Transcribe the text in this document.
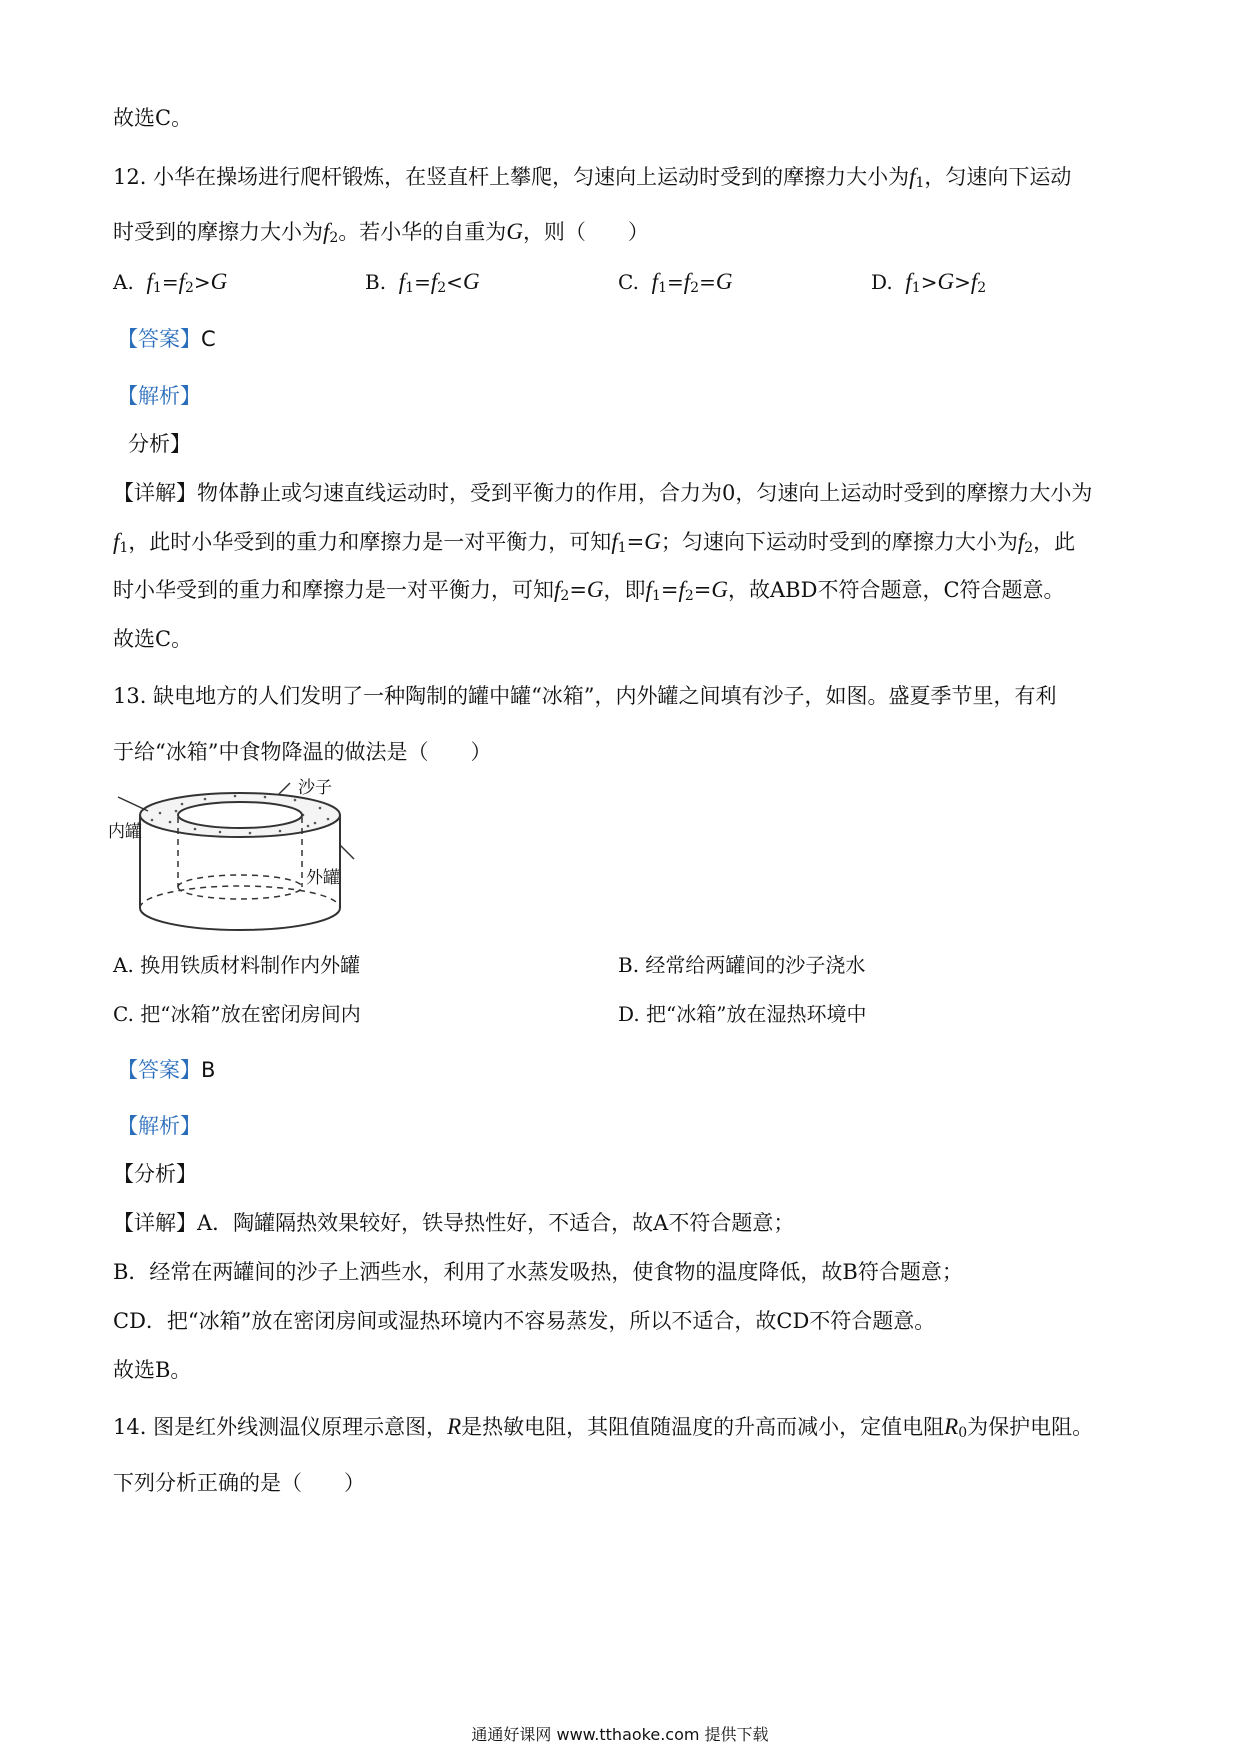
故选C。
12. 小华在操场进行爬杆锻炼，在竖直杆上攀爬，匀速向上运动时受到的摩擦力大小为$f_1$，匀速向下运动
时受到的摩擦力大小为$f_2$。若小华的自重为G，则（　　）
A.  $f_1=f_2>G$	B.  $f_1=f_2<G$	C.  $f_1=f_2=G$	D.  $f_1>G>f_2$
【答案】C
【解析】
分析】
【详解】物体静止或匀速直线运动时，受到平衡力的作用，合力为0，匀速向上运动时受到的摩擦力大小为
$f_1$，此时小华受到的重力和摩擦力是一对平衡力，可知$f_1=G$；匀速向下运动时受到的摩擦力大小为$f_2$，此
时小华受到的重力和摩擦力是一对平衡力，可知$f_2=G$，即$f_1=f_2=G$，故ABD不符合题意，C符合题意。
故选C。
13. 缺电地方的人们发明了一种陶制的罐中罐“冰箱”，内外罐之间填有沙子，如图。盛夏季节里，有利
于给“冰箱”中食物降温的做法是（　　）
沙子
内罐
外罐
A. 换用铁质材料制作内外罐	B. 经常给两罐间的沙子浇水
C. 把“冰箱”放在密闭房间内	D. 把“冰箱”放在湿热环境中
【答案】B
【解析】
【分析】
【详解】A．陶罐隔热效果较好，铁导热性好，不适合，故A不符合题意；
B．经常在两罐间的沙子上洒些水，利用了水蒸发吸热，使食物的温度降低，故B符合题意；
CD．把“冰箱”放在密闭房间或湿热环境内不容易蒸发，所以不适合，故CD不符合题意。
故选B。
14. 图是红外线测温仪原理示意图，R是热敏电阻，其阻值随温度的升高而减小，定值电阻$R_0$为保护电阻。
下列分析正确的是（　　）
通通好课网 www.tthaoke.com 提供下载
